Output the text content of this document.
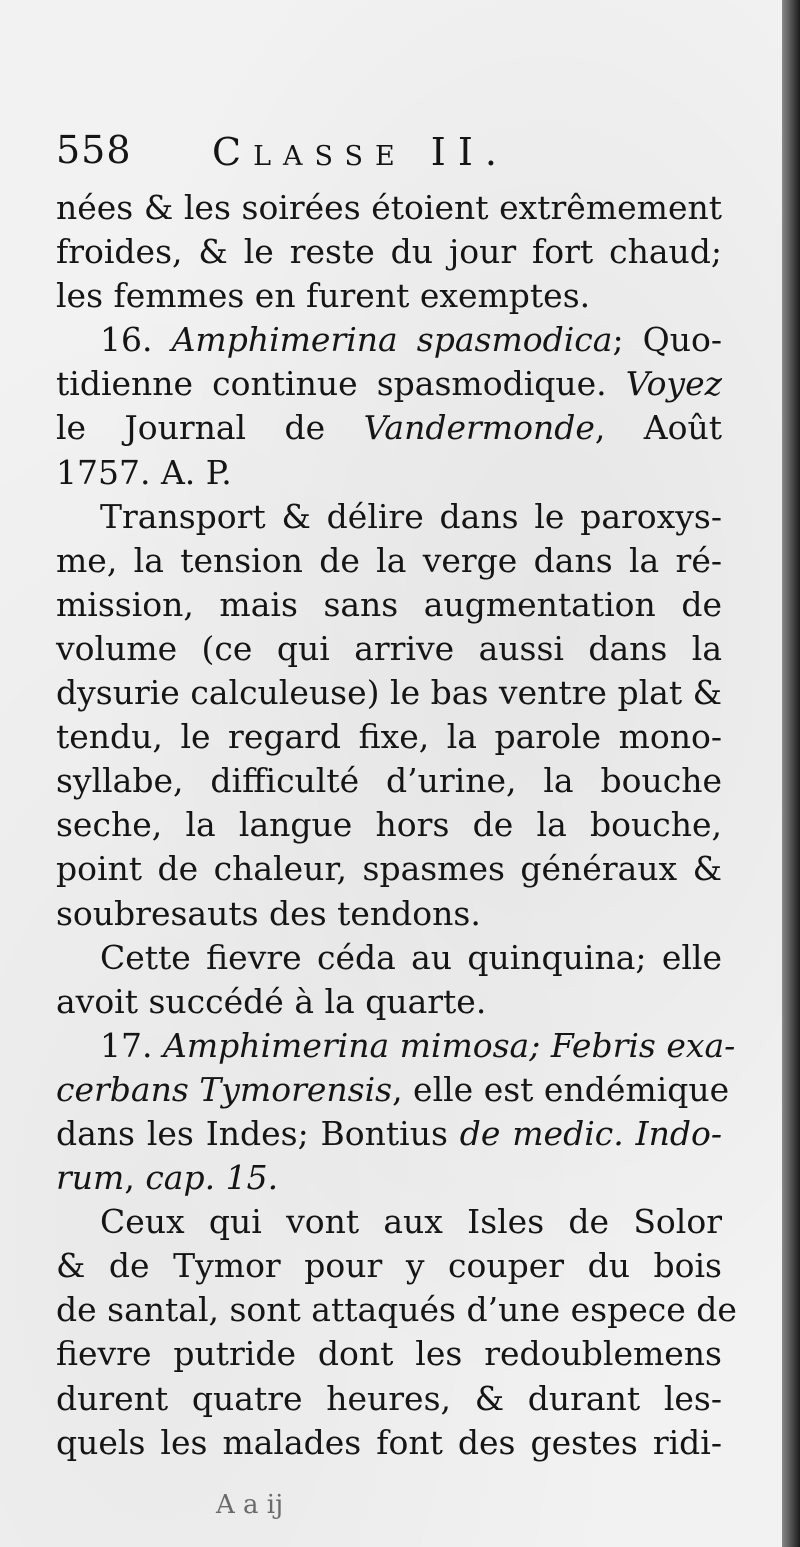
558 Classe II.
nées & les soirées étoient extrêmement
froides, & le reste du jour fort chaud;
les femmes en furent exemptes.
16. Amphimerina spasmodica; Quo-
tidienne continue spasmodique. Voyez
le Journal de Vandermonde, Août
1757. A. P.
Transport & délire dans le paroxys-
me, la tension de la verge dans la ré-
mission, mais sans augmentation de
volume (ce qui arrive aussi dans la
dysurie calculeuse) le bas ventre plat &
tendu, le regard fixe, la parole mono-
syllabe, difficulté d’urine, la bouche
seche, la langue hors de la bouche,
point de chaleur, spasmes généraux &
soubresauts des tendons.
Cette fievre céda au quinquina; elle
avoit succédé à la quarte.
17. Amphimerina mimosa; Febris exa-
cerbans Tymorensis, elle est endémique
dans les Indes; Bontius de medic. Indo-
rum, cap. 15.
Ceux qui vont aux Isles de Solor
& de Tymor pour y couper du bois
de santal, sont attaqués d’une espece de
fievre putride dont les redoublemens
durent quatre heures, & durant les-
quels les malades font des gestes ridi-
A a ij
